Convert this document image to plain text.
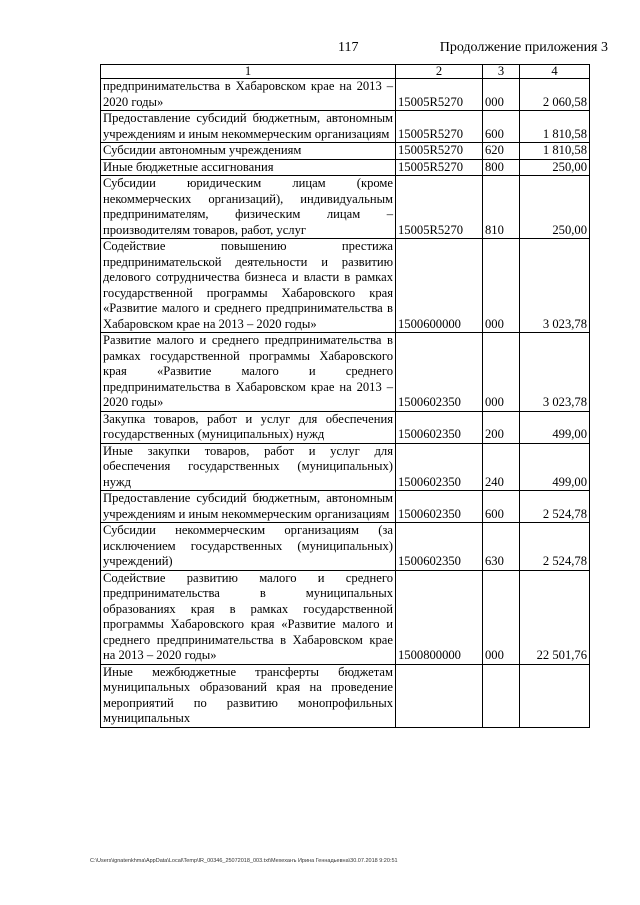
117	Продолжение приложения 3
1	2	3	4
предпринимательства в Хабаровском крае на 2013 – 2020 годы»	15005R5270	000	2 060,58
Предоставление субсидий бюджетным, автономным учреждениям и иным некоммерческим организациям	15005R5270	600	1 810,58
Субсидии автономным учреждениям	15005R5270	620	1 810,58
Иные бюджетные ассигнования	15005R5270	800	250,00
Субсидии юридическим лицам (кроме некоммерческих организаций), индивидуальным предпринимателям, физическим лицам – производителям товаров, работ, услуг	15005R5270	810	250,00
Содействие повышению престижа предпринимательской деятельности и развитию делового сотрудничества бизнеса и власти в рамках государственной программы Хабаровского края «Развитие малого и среднего предпринимательства в Хабаровском крае на 2013 – 2020 годы»	1500600000	000	3 023,78
Развитие малого и среднего предпринимательства в рамках государственной программы Хабаровского края «Развитие малого и среднего предпринимательства в Хабаровском крае на 2013 – 2020 годы»	1500602350	000	3 023,78
Закупка товаров, работ и услуг для обеспечения государственных (муниципальных) нужд	1500602350	200	499,00
Иные закупки товаров, работ и услуг для обеспечения государственных (муниципальных) нужд	1500602350	240	499,00
Предоставление субсидий бюджетным, автономным учреждениям и иным некоммерческим организациям	1500602350	600	2 524,78
Субсидии некоммерческим организациям (за исключением государственных (муниципальных) учреждений)	1500602350	630	2 524,78
Содействие развитию малого и среднего предпринимательства в муниципальных образованиях края в рамках государственной программы Хабаровского края «Развитие малого и среднего предпринимательства в Хабаровском крае на 2013 – 2020 годы»	1500800000	000	22 501,76
Иные межбюджетные трансферты бюджетам муниципальных образований края на проведение мероприятий по развитию монопрофильных муниципальных			
C:\Users\ignatenkhma\AppData\Local\Temp\IR_00346_25072018_003.txt\Мехеханъ Ирина Геннадьевна\30.07.2018 9:20:51
